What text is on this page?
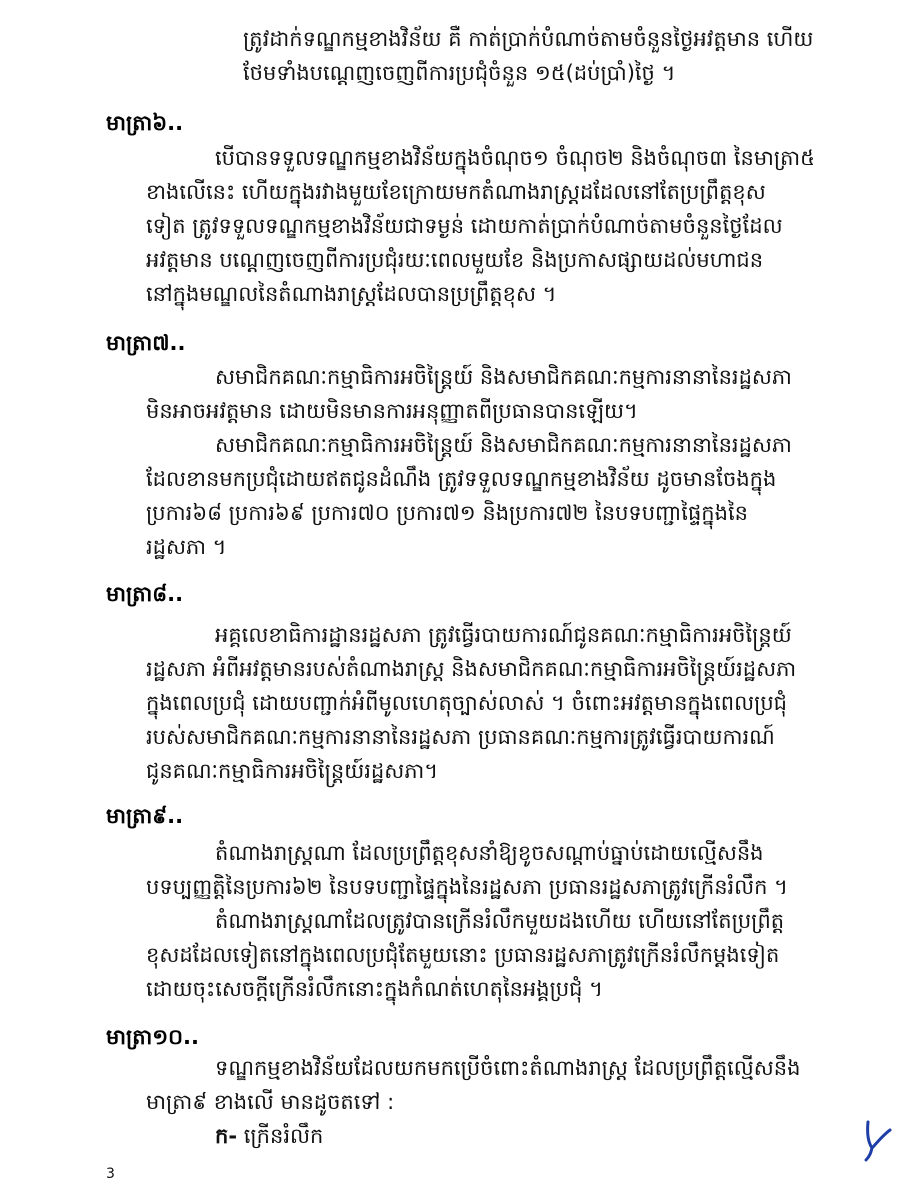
ត្រូវដាក់ទណ្ឌកម្មខាងវិន័យ គឺ កាត់ប្រាក់បំណាច់តាមចំនួនថ្ងៃអវត្តមាន ហើយ
ថែមទាំងបណ្តេញចេញពីការប្រជុំចំនួន ១៥(ដប់ប្រាំ)ថ្ងៃ ។
មាត្រា៦..
បើបានទទួលទណ្ឌកម្មខាងវិន័យក្នុងចំណុច១ ចំណុច២ និងចំណុច៣ នៃមាត្រា៥
ខាងលើនេះ ហើយក្នុងរវាងមួយខែក្រោយមកតំណាងរាស្ត្រដដែលនៅតែប្រព្រឹត្តខុស
ទៀត ត្រូវទទួលទណ្ឌកម្មខាងវិន័យជាទម្ងន់ ដោយកាត់ប្រាក់បំណាច់តាមចំនួនថ្ងៃដែល
អវត្តមាន បណ្តេញចេញពីការប្រជុំរយៈពេលមួយខែ និងប្រកាសផ្សាយដល់មហាជន
នៅក្នុងមណ្ឌលនៃតំណាងរាស្ត្រដែលបានប្រព្រឹត្តខុស ។
មាត្រា៧..
សមាជិកគណៈកម្មាធិការអចិន្ត្រៃយ៍ និងសមាជិកគណៈកម្មការនានានៃរដ្ឋសភា
មិនអាចអវត្តមាន ដោយមិនមានការអនុញ្ញាតពីប្រធានបានឡើយ។
សមាជិកគណៈកម្មាធិការអចិន្ត្រៃយ៍ និងសមាជិកគណៈកម្មការនានានៃរដ្ឋសភា
ដែលខានមកប្រជុំដោយឥតជូនដំណឹង ត្រូវទទួលទណ្ឌកម្មខាងវិន័យ ដូចមានចែងក្នុង
ប្រការ៦៨ ប្រការ៦៩ ប្រការ៧០ ប្រការ៧១ និងប្រការ៧២ នៃបទបញ្ជាផ្ទៃក្នុងនៃ
រដ្ឋសភា ។
មាត្រា៨..
អគ្គលេខាធិការដ្ឋានរដ្ឋសភា ត្រូវធ្វើរបាយការណ៍ជូនគណៈកម្មាធិការអចិន្ត្រៃយ៍
រដ្ឋសភា អំពីអវត្តមានរបស់តំណាងរាស្ត្រ និងសមាជិកគណៈកម្មាធិការអចិន្ត្រៃយ៍រដ្ឋសភា
ក្នុងពេលប្រជុំ ដោយបញ្ជាក់អំពីមូលហេតុច្បាស់លាស់ ។ ចំពោះអវត្តមានក្នុងពេលប្រជុំ
របស់សមាជិកគណៈកម្មការនានានៃរដ្ឋសភា ប្រធានគណៈកម្មការត្រូវធ្វើរបាយការណ៍
ជូនគណៈកម្មាធិការអចិន្ត្រៃយ៍រដ្ឋសភា។
មាត្រា៩..
តំណាងរាស្ត្រណា ដែលប្រព្រឹត្តខុសនាំឱ្យខូចសណ្តាប់ធ្នាប់ដោយល្មើសនឹង
បទប្បញ្ញត្តិនៃប្រការ៦២ នៃបទបញ្ជាផ្ទៃក្នុងនៃរដ្ឋសភា ប្រធានរដ្ឋសភាត្រូវក្រើនរំលឹក ។
តំណាងរាស្ត្រណាដែលត្រូវបានក្រើនរំលឹកមួយដងហើយ ហើយនៅតែប្រព្រឹត្ត
ខុសដដែលទៀតនៅក្នុងពេលប្រជុំតែមួយនោះ ប្រធានរដ្ឋសភាត្រូវក្រើនរំលឹកម្តងទៀត
ដោយចុះសេចក្តីក្រើនរំលឹកនោះក្នុងកំណត់ហេតុនៃអង្គប្រជុំ ។
មាត្រា១០..
ទណ្ឌកម្មខាងវិន័យដែលយកមកប្រើចំពោះតំណាងរាស្ត្រ ដែលប្រព្រឹត្តល្មើសនឹង
មាត្រា៩ ខាងលើ មានដូចតទៅ :
ក- ក្រើនរំលឹក
3
